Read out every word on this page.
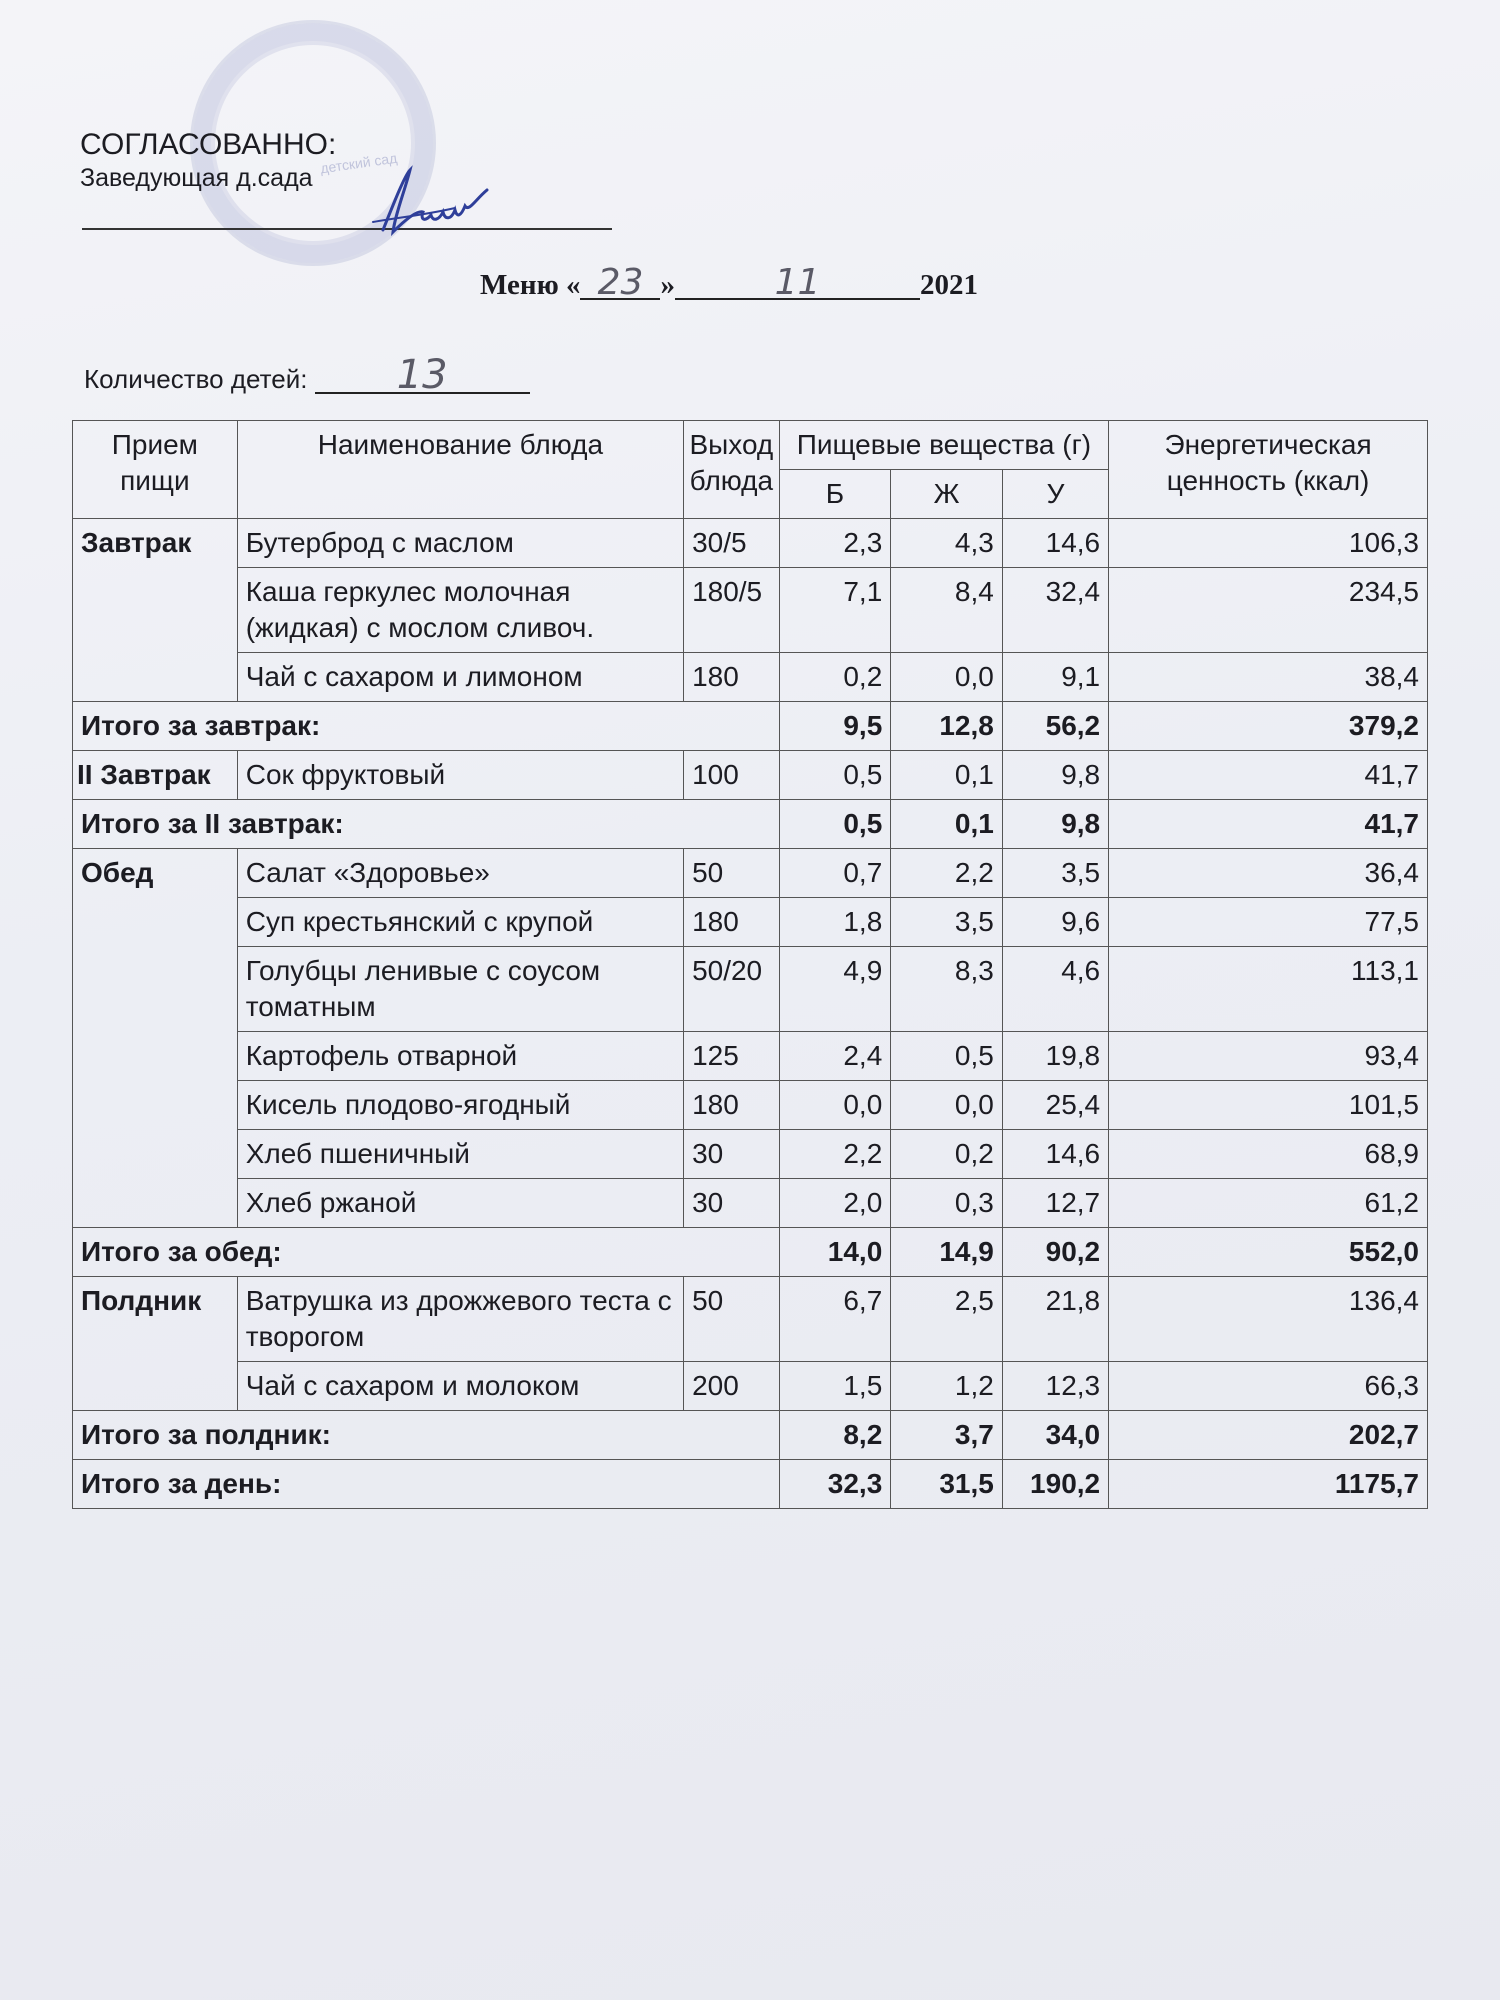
детский сад
СОГЛАСОВАННО:
Заведующая д.сада
Меню « 23 »	11	2021
Количество детей: 13
Прием пищи	Наименование блюда	Выход блюда	Пищевые вещества (г)			Энергетическая ценность (ккал)
			Б	Ж	У	
Завтрак	Бутерброд с маслом	30/5	2,3	4,3	14,6	106,3
	Каша геркулес молочная (жидкая) с мослом сливоч.	180/5	7,1	8,4	32,4	234,5
	Чай с сахаром и лимоном	180	0,2	0,0	9,1	38,4
Итого за завтрак:			9,5	12,8	56,2	379,2
II Завтрак	Сок фруктовый	100	0,5	0,1	9,8	41,7
Итого за II завтрак:			0,5	0,1	9,8	41,7
Обед	Салат «Здоровье»	50	0,7	2,2	3,5	36,4
	Суп крестьянский с крупой	180	1,8	3,5	9,6	77,5
	Голубцы ленивые с соусом томатным	50/20	4,9	8,3	4,6	113,1
	Картофель отварной	125	2,4	0,5	19,8	93,4
	Кисель плодово-ягодный	180	0,0	0,0	25,4	101,5
	Хлеб пшеничный	30	2,2	0,2	14,6	68,9
	Хлеб ржаной	30	2,0	0,3	12,7	61,2
Итого за обед:			14,0	14,9	90,2	552,0
Полдник	Ватрушка из дрожжевого теста с творогом	50	6,7	2,5	21,8	136,4
	Чай с сахаром и молоком	200	1,5	1,2	12,3	66,3
Итого за полдник:			8,2	3,7	34,0	202,7
Итого за день:			32,3	31,5	190,2	1175,7
